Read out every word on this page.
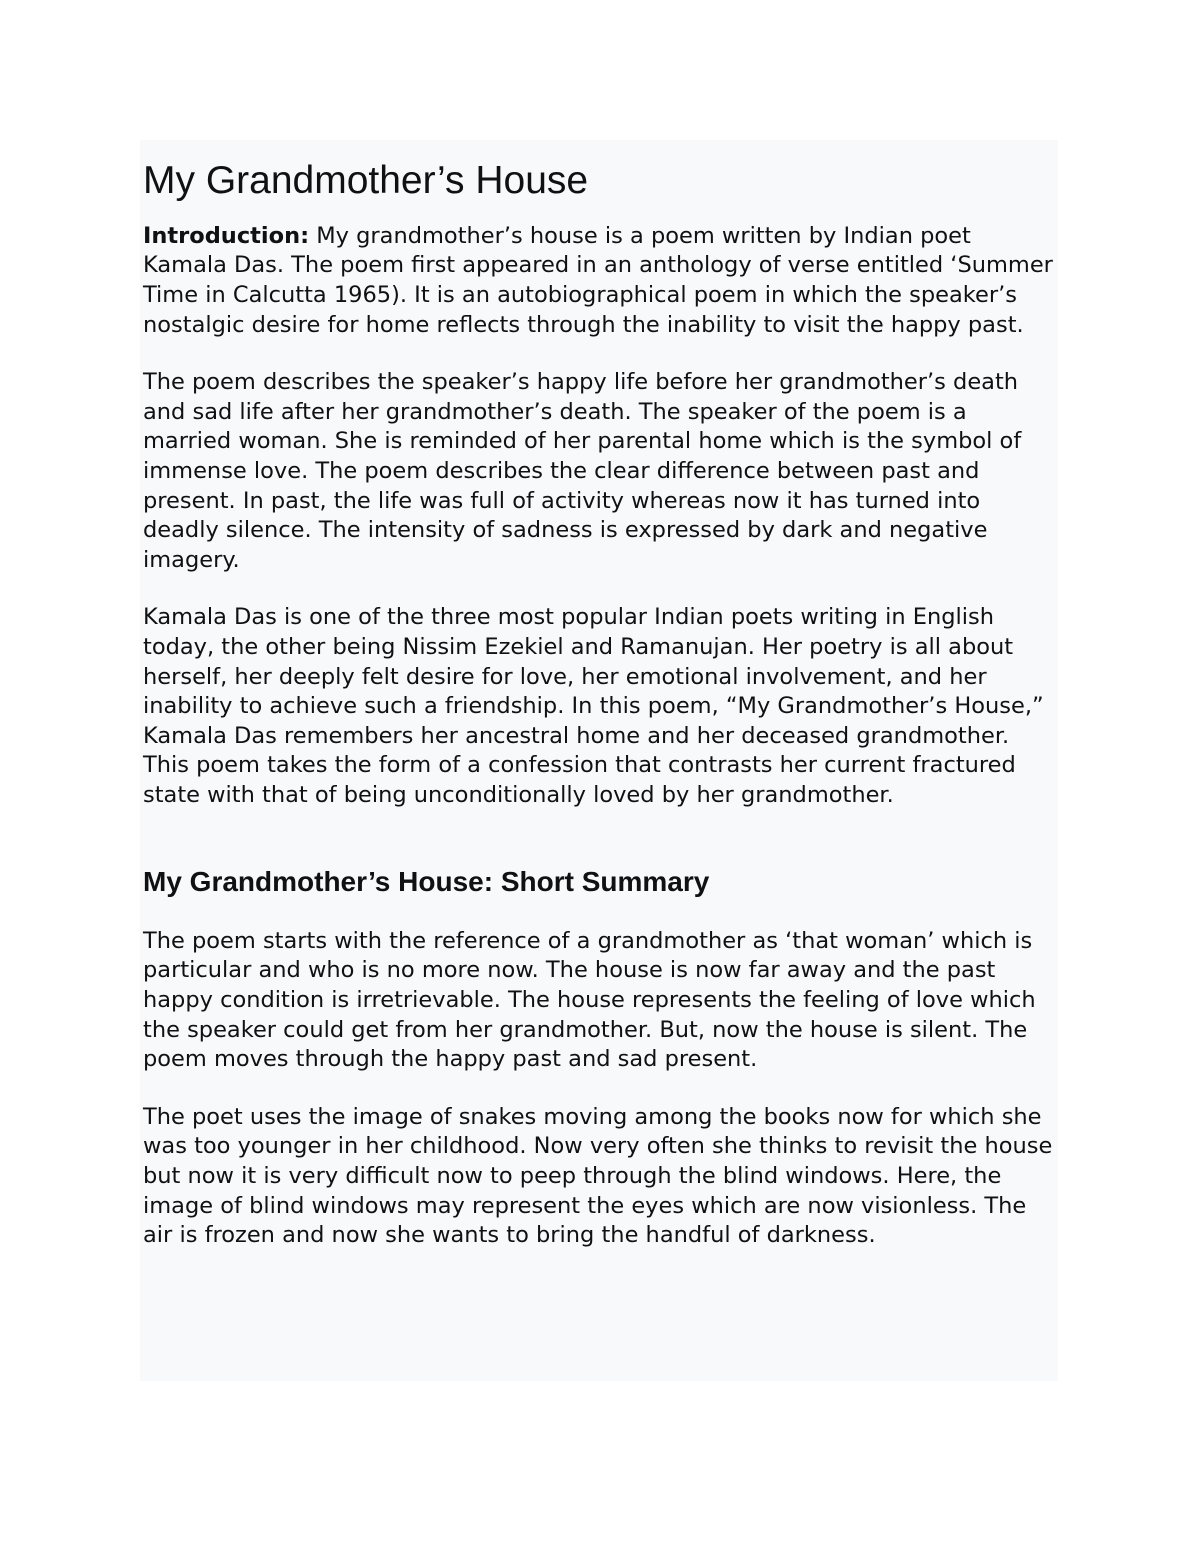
My Grandmother’s House

Introduction: My grandmother’s house is a poem written by Indian poet Kamala Das. The poem first appeared in an anthology of verse entitled ‘Summer Time in Calcutta 1965). It is an autobiographical poem in which the speaker’s nostalgic desire for home reflects through the inability to visit the happy past.

The poem describes the speaker’s happy life before her grandmother’s death and sad life after her grandmother’s death. The speaker of the poem is a married woman. She is reminded of her parental home which is the symbol of immense love. The poem describes the clear difference between past and present. In past, the life was full of activity whereas now it has turned into deadly silence. The intensity of sadness is expressed by dark and negative imagery.

Kamala Das is one of the three most popular Indian poets writing in English today, the other being Nissim Ezekiel and Ramanujan. Her poetry is all about herself, her deeply felt desire for love, her emotional involvement, and her inability to achieve such a friendship. In this poem, “My Grandmother’s House,” Kamala Das remembers her ancestral home and her deceased grandmother. This poem takes the form of a confession that contrasts her current fractured state with that of being unconditionally loved by her grandmother.

My Grandmother’s House: Short Summary

The poem starts with the reference of a grandmother as ‘that woman’ which is particular and who is no more now. The house is now far away and the past happy condition is irretrievable. The house represents the feeling of love which the speaker could get from her grandmother. But, now the house is silent. The poem moves through the happy past and sad present.

The poet uses the image of snakes moving among the books now for which she was too younger in her childhood. Now very often she thinks to revisit the house but now it is very difficult now to peep through the blind windows. Here, the image of blind windows may represent the eyes which are now visionless. The air is frozen and now she wants to bring the handful of darkness.
